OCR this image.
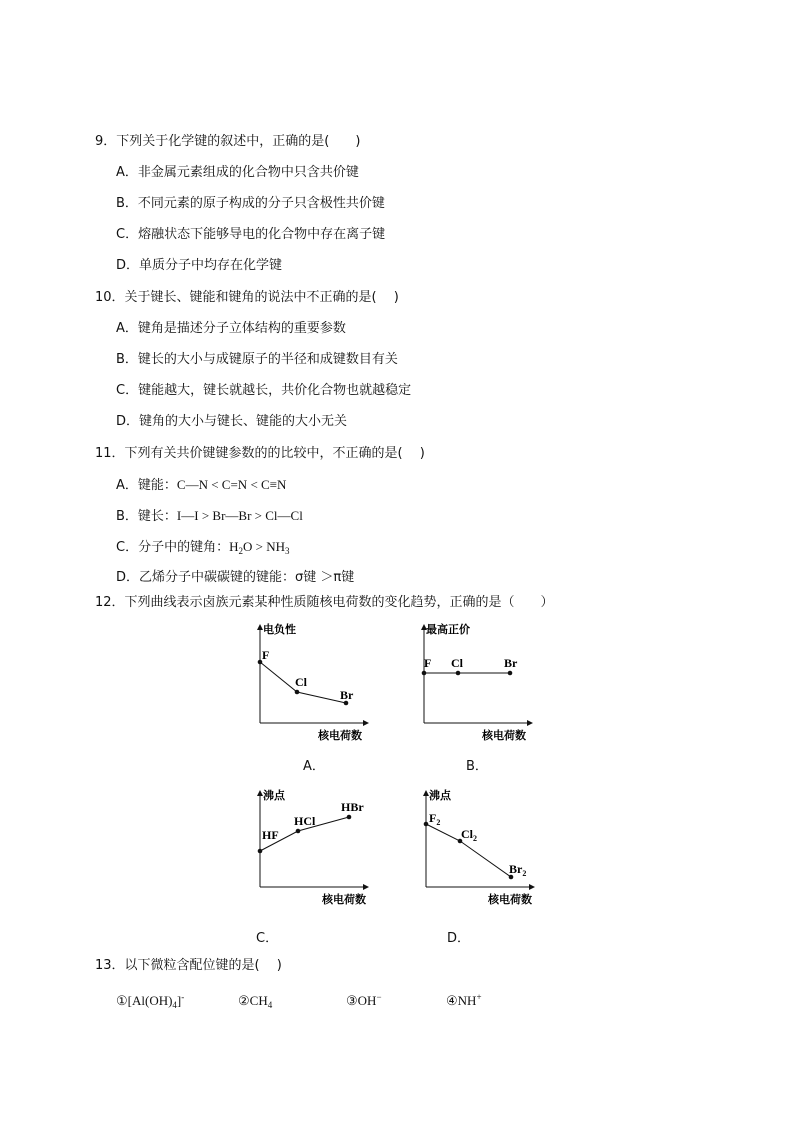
9．下列关于化学键的叙述中，正确的是(　　)
A．非金属元素组成的化合物中只含共价键
B．不同元素的原子构成的分子只含极性共价键
C．熔融状态下能够导电的化合物中存在离子键
D．单质分子中均存在化学键
10．关于键长、键能和键角的说法中不正确的是(　 )
A．键角是描述分子立体结构的重要参数
B．键长的大小与成键原子的半径和成键数目有关
C．键能越大，键长就越长，共价化合物也就越稳定
D．键角的大小与键长、键能的大小无关
11．下列有关共价键键参数的的比较中，不正确的是(　 )
A．键能：C—N < C=N < C≡N
B．键长：I—I > Br—Br > Cl—Cl
C．分子中的键角：$H_2O > NH_3$
D．乙烯分子中碳碳键的键能：σ键 ＞π键
12．下列曲线表示卤族元素某种性质随核电荷数的变化趋势，正确的是（　　）
电负性
核电荷数
F
Cl
Br
A．
最高正价
核电荷数
F Cl	Br
B．
沸点
核电荷数
HF
HCl
HBr
C．
沸点
核电荷数
$F_2$
$Cl_2$
$Br_2$
D．
13．以下微粒含配位键的是(　 )
$①[Al(OH)_4]^-$	$②CH_4$	③OH−	④NH+
